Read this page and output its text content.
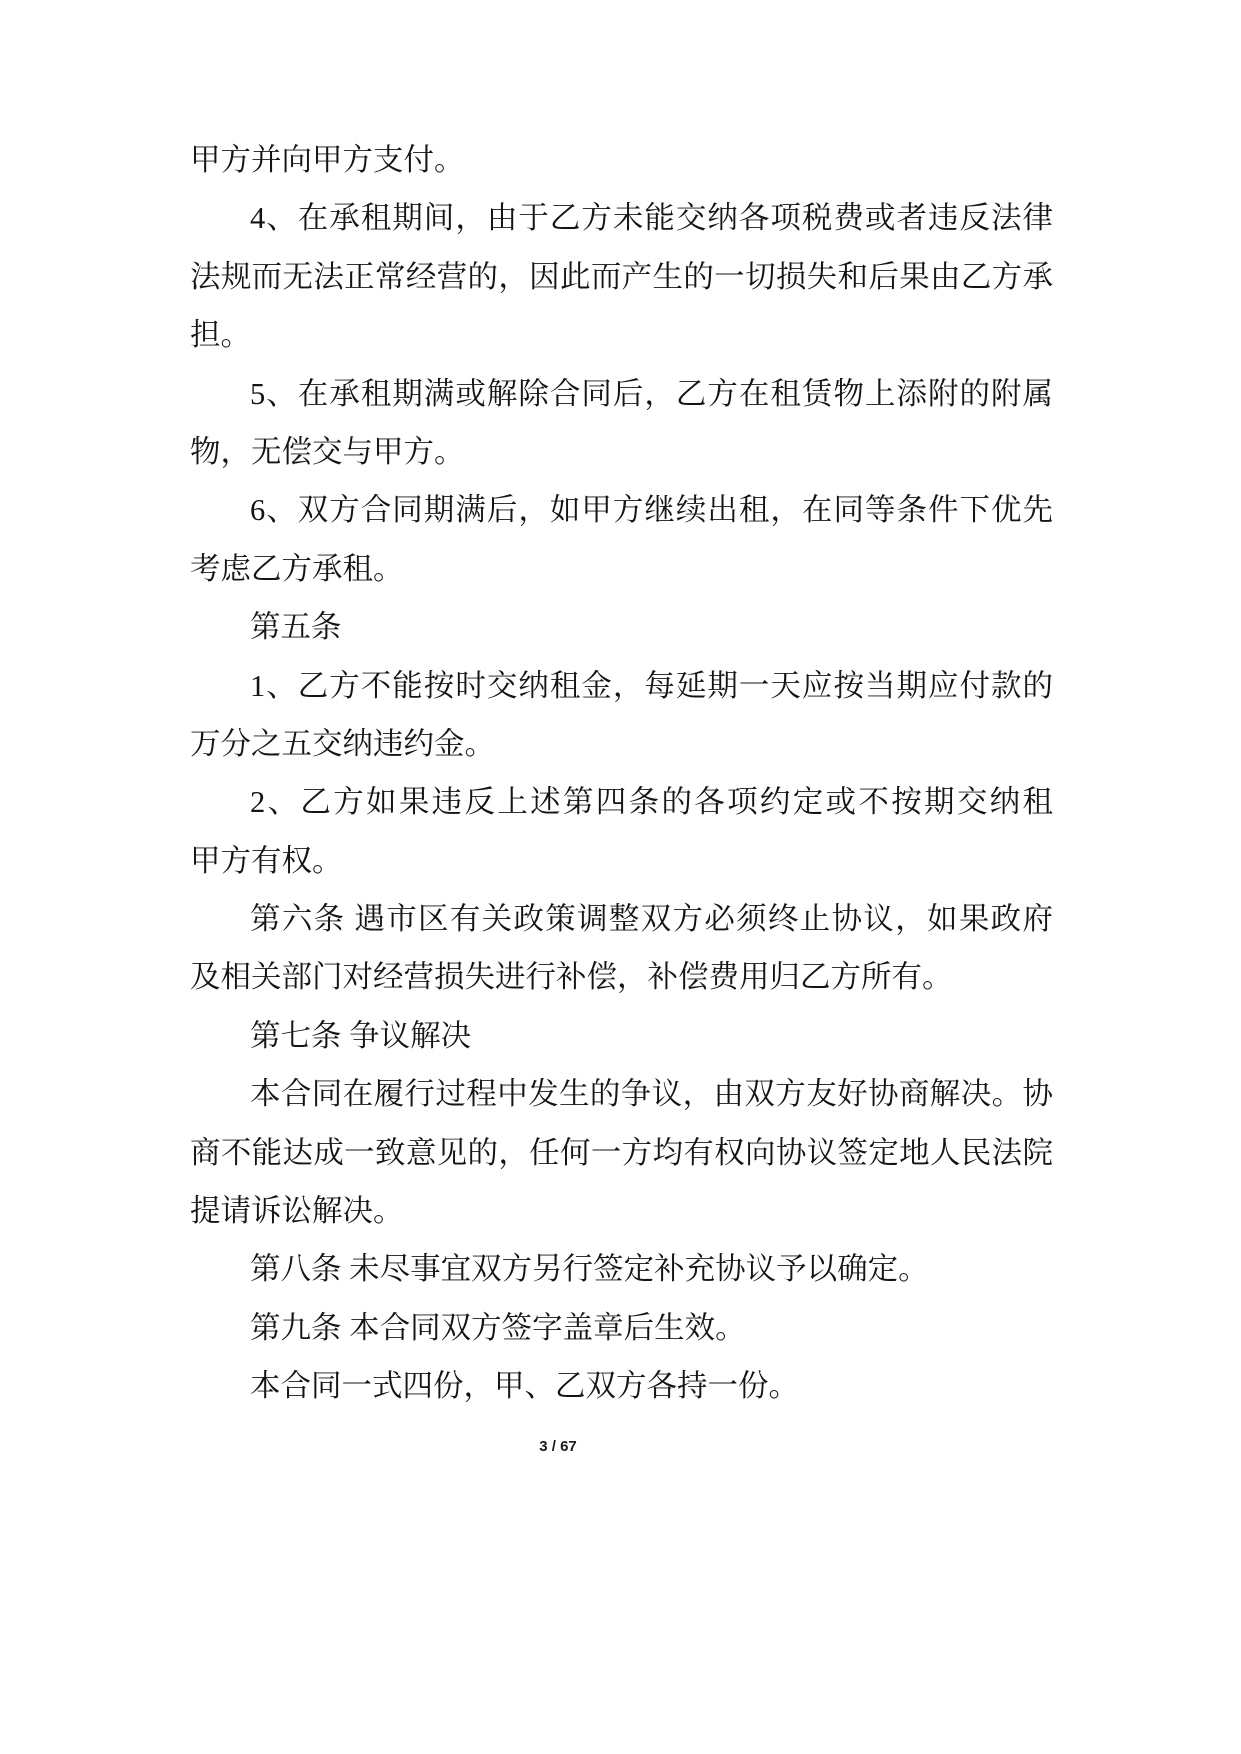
甲方并向甲方支付。
4、在承租期间，由于乙方未能交纳各项税费或者违反法律
法规而无法正常经营的，因此而产生的一切损失和后果由乙方承
担。
5、在承租期满或解除合同后，乙方在租赁物上添附的附属
物，无偿交与甲方。
6、双方合同期满后，如甲方继续出租，在同等条件下优先
考虑乙方承租。
第五条
1、乙方不能按时交纳租金，每延期一天应按当期应付款的
万分之五交纳违约金。
2、乙方如果违反上述第四条的各项约定或不按期交纳租
甲方有权。
第六条 遇市区有关政策调整双方必须终止协议，如果政府
及相关部门对经营损失进行补偿，补偿费用归乙方所有。
第七条 争议解决
本合同在履行过程中发生的争议，由双方友好协商解决。协
商不能达成一致意见的，任何一方均有权向协议签定地人民法院
提请诉讼解决。
第八条 未尽事宜双方另行签定补充协议予以确定。
第九条 本合同双方签字盖章后生效。
本合同一式四份，甲、乙双方各持一份。
3 / 67
